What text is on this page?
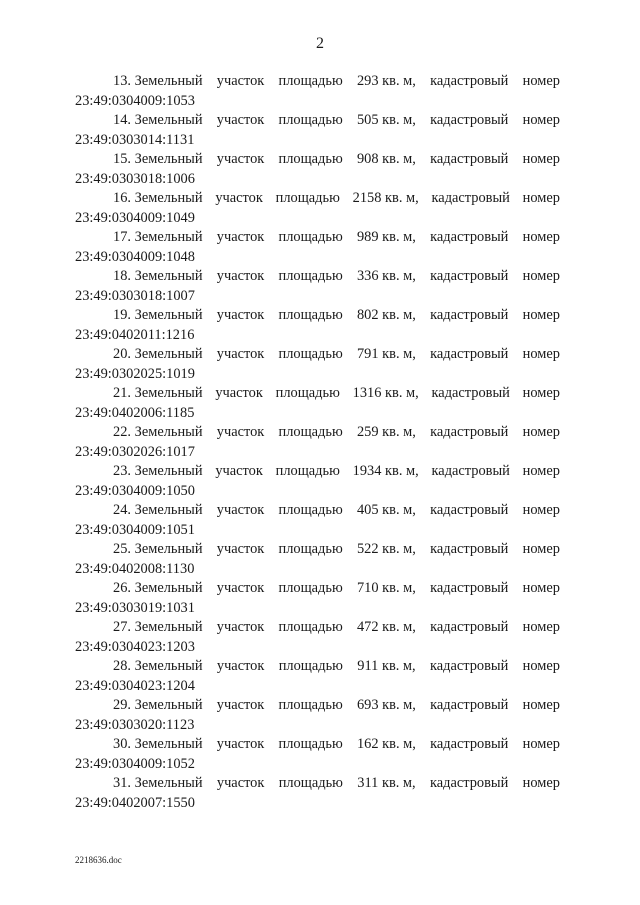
2
13. Земельный участок площадью 293 кв. м, кадастровый номер
23:49:0304009:1053
14. Земельный участок площадью 505 кв. м, кадастровый номер
23:49:0303014:1131
15. Земельный участок площадью 908 кв. м, кадастровый номер
23:49:0303018:1006
16. Земельный участок площадью 2158 кв. м, кадастровый номер
23:49:0304009:1049
17. Земельный участок площадью 989 кв. м, кадастровый номер
23:49:0304009:1048
18. Земельный участок площадью 336 кв. м, кадастровый номер
23:49:0303018:1007
19. Земельный участок площадью 802 кв. м, кадастровый номер
23:49:0402011:1216
20. Земельный участок площадью 791 кв. м, кадастровый номер
23:49:0302025:1019
21. Земельный участок площадью 1316 кв. м, кадастровый номер
23:49:0402006:1185
22. Земельный участок площадью 259 кв. м, кадастровый номер
23:49:0302026:1017
23. Земельный участок площадью 1934 кв. м, кадастровый номер
23:49:0304009:1050
24. Земельный участок площадью 405 кв. м, кадастровый номер
23:49:0304009:1051
25. Земельный участок площадью 522 кв. м, кадастровый номер
23:49:0402008:1130
26. Земельный участок площадью 710 кв. м, кадастровый номер
23:49:0303019:1031
27. Земельный участок площадью 472 кв. м, кадастровый номер
23:49:0304023:1203
28. Земельный участок площадью 911 кв. м, кадастровый номер
23:49:0304023:1204
29. Земельный участок площадью 693 кв. м, кадастровый номер
23:49:0303020:1123
30. Земельный участок площадью 162 кв. м, кадастровый номер
23:49:0304009:1052
31. Земельный участок площадью 311 кв. м, кадастровый номер
23:49:0402007:1550
2218636.doc
